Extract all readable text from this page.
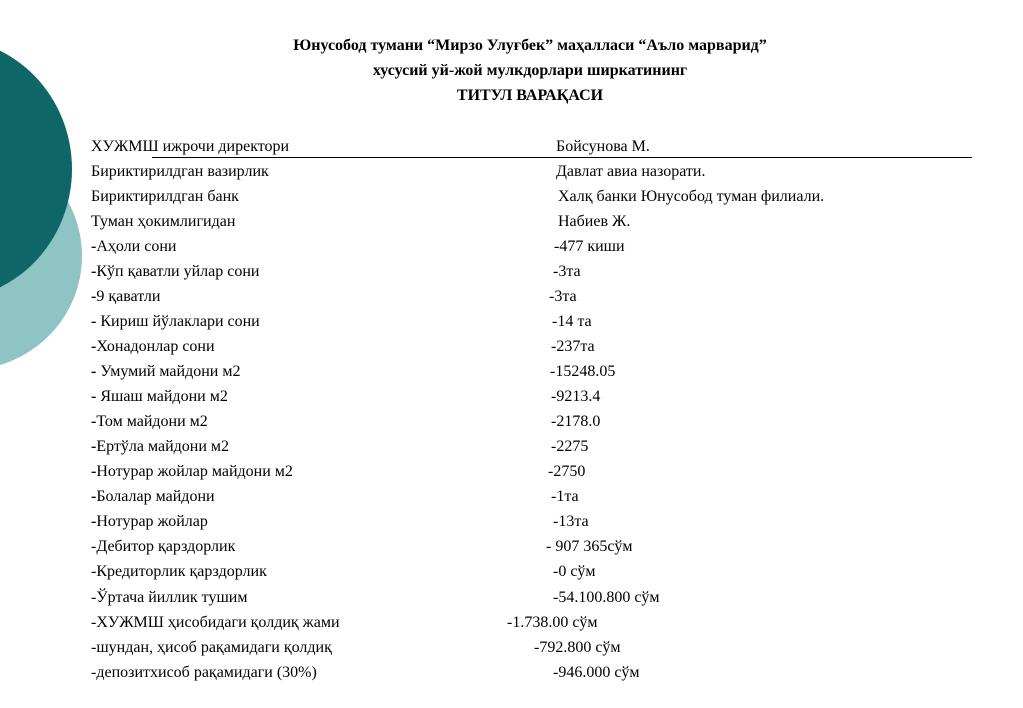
Юнусобод тумани “Мирзо Улуғбек” маҳалласи “Аъло марварид”
хусусий уй-жой мулкдорлари ширкатининг
ТИТУЛ ВАРАҚАСИ
ХУЖМШ ижрочи директори	Бойсунова М.
Бириктирилдган вазирлик	Давлат авиа назорати.
Бириктирилдган банк	Халқ банки Юнусобод туман филиали.
Туман ҳокимлигидан	Набиев Ж.
-Аҳоли сони	-477 киши
-Кўп қаватли уйлар сони	-3та
-9 қаватли	-3та
- Кириш йўлаклари сони	-14 та
-Хонадонлар сони	-237та
- Умумий майдони м2	-15248.05
- Яшаш майдони м2	-9213.4
-Том майдони м2	-2178.0
-Ертўла майдони м2	-2275
-Нотурар жойлар майдони м2	-2750
-Болалар майдони	-1та
-Нотурар жойлар	-13та
-Дебитор қарздорлик	- 907 365сўм
-Кредиторлик қарздорлик	-0 сўм
-Ўртача йиллик тушим	-54.100.800 сўм
-ХУЖМШ ҳисобидаги қолдиқ жами	-1.738.00 сўм
-шундан, ҳисоб рақамидаги қолдиқ	-792.800 сўм
-депозитхисоб рақамидаги (30%)	-946.000 сўм
